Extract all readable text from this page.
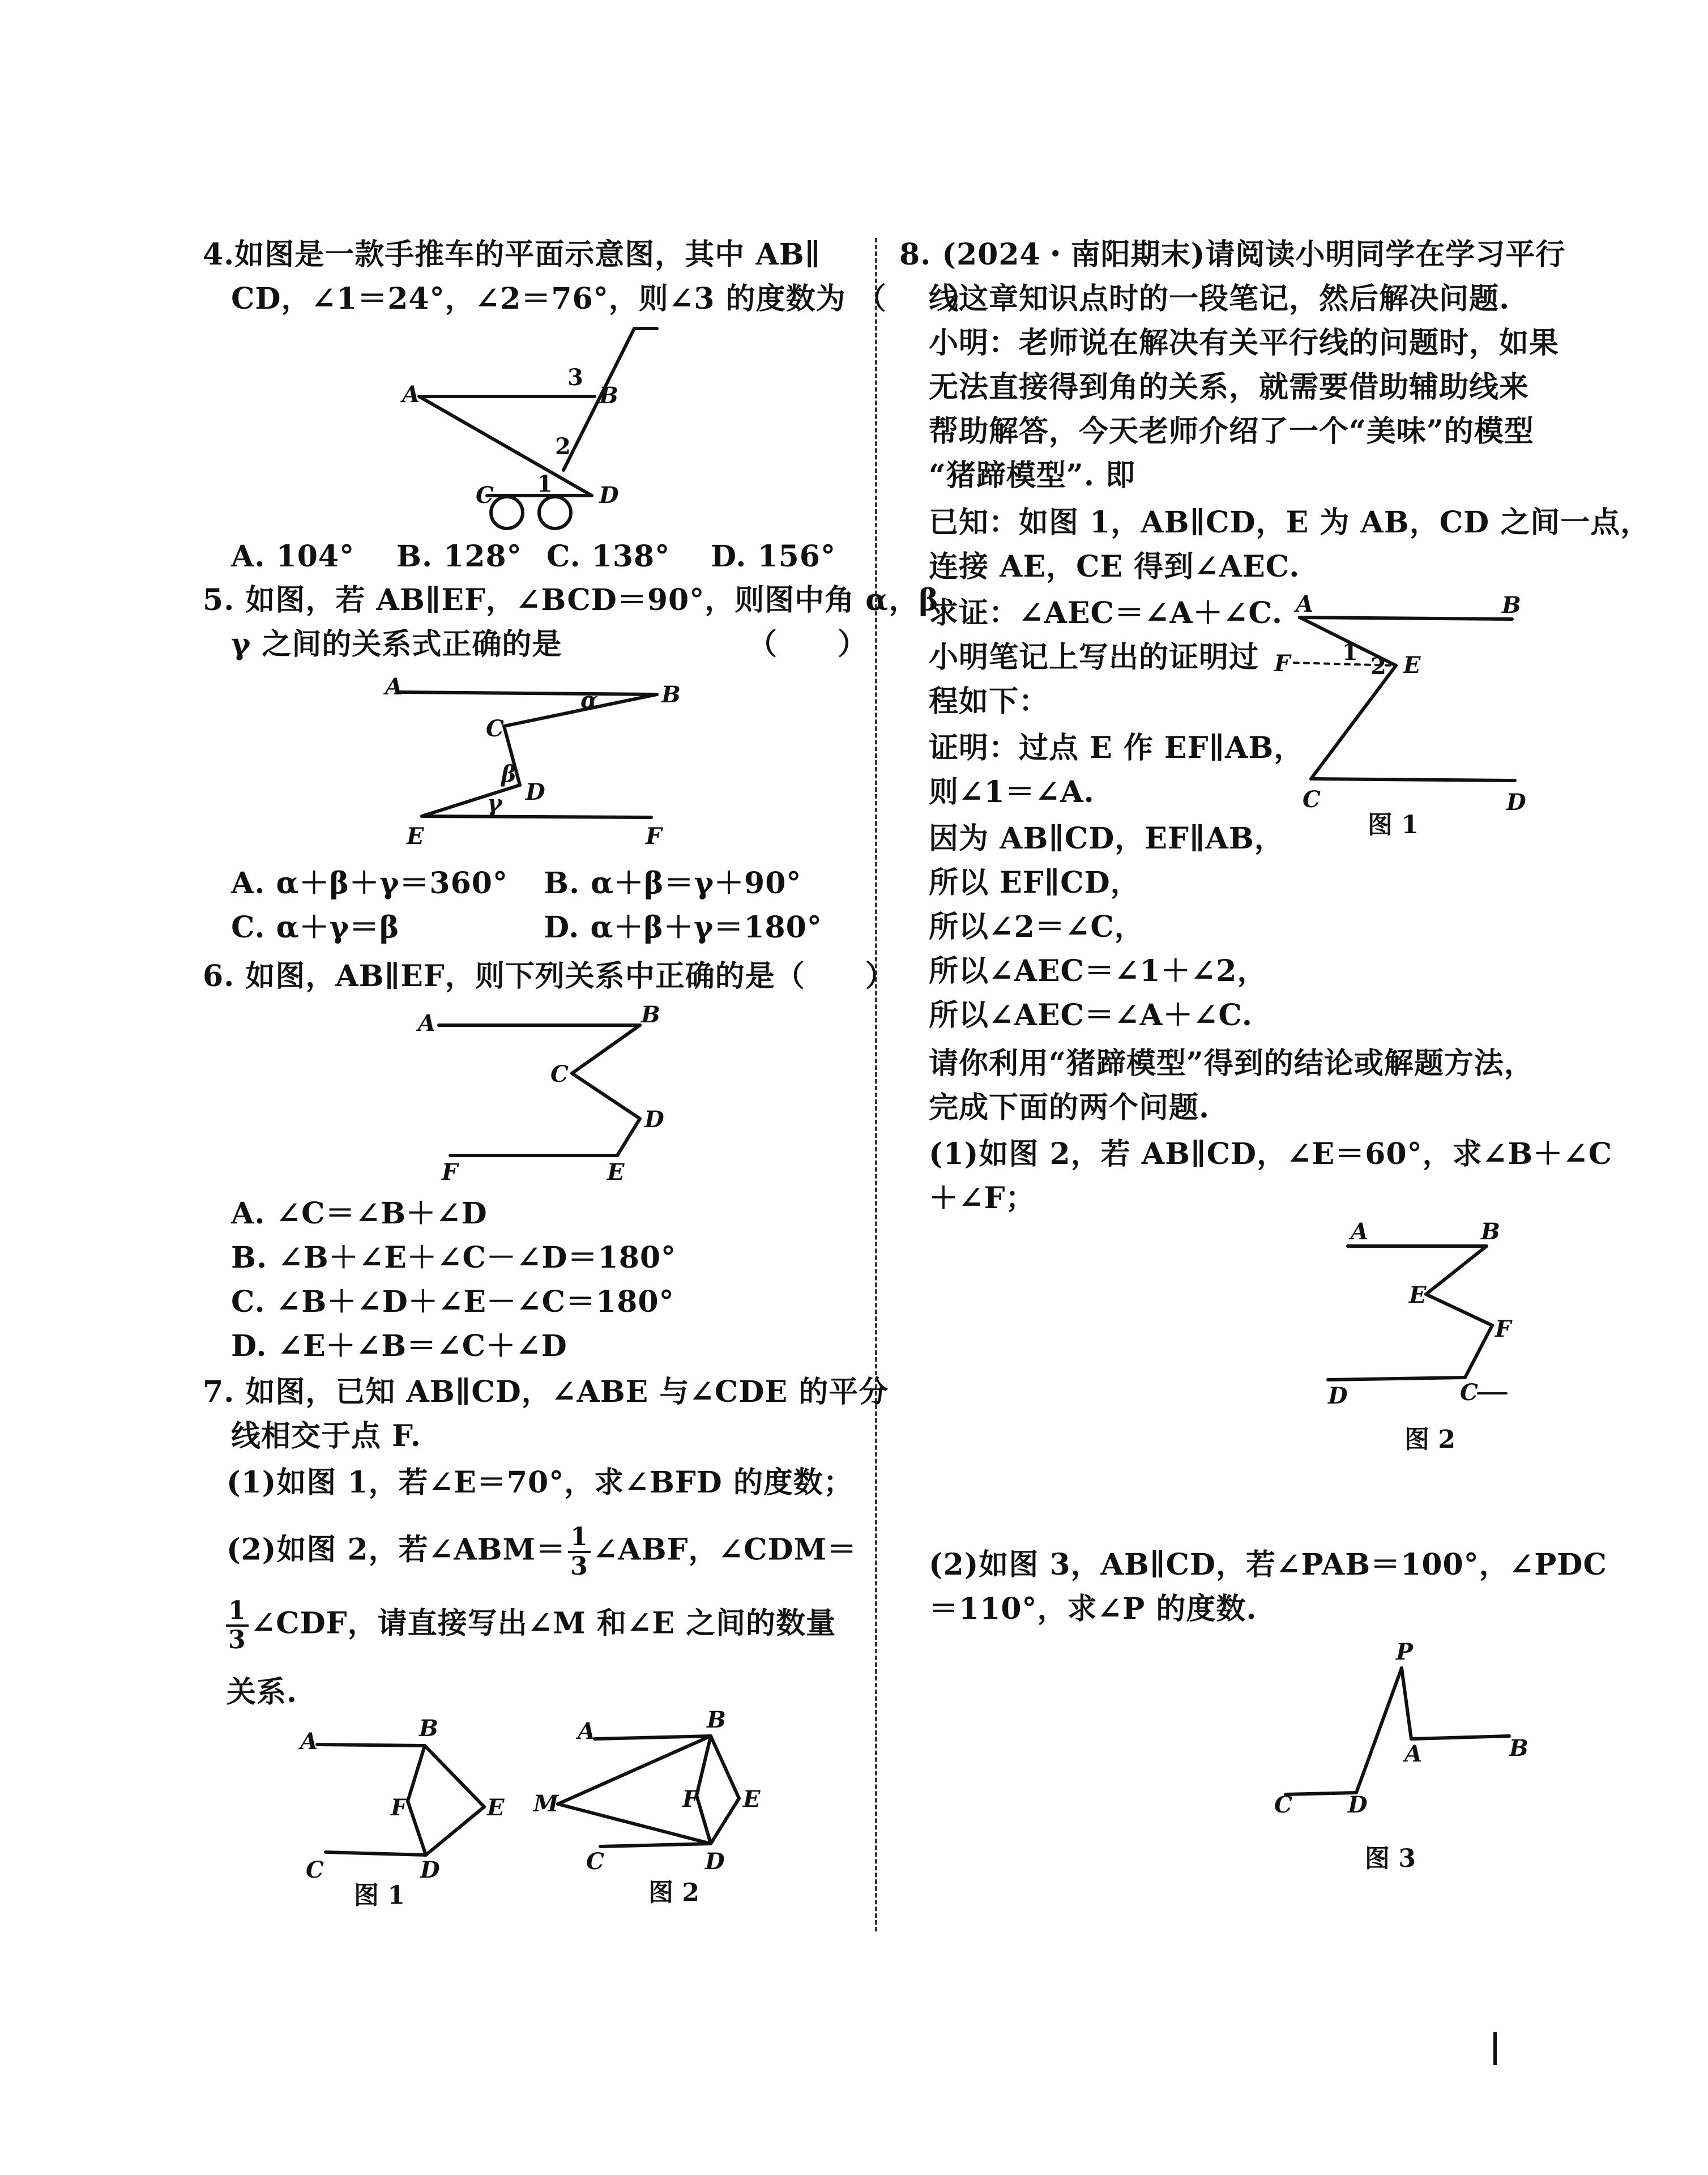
4.如图是一款手推车的平面示意图，其中 AB∥
CD，∠1＝24°，∠2＝76°，则∠3 的度数为 （　　）
A	B
C	D
1
2
3
A. 104° B. 128° C. 138° D. 156°
5. 如图，若 AB∥EF，∠BCD＝90°，则图中角 α，β，
γ 之间的关系式正确的是	（　　）
A	B
C
D
E	F
α
β
γ
A. α＋β＋γ＝360° B. α＋β＝γ＋90°
C. α＋γ＝β	D. α＋β＋γ＝180°
6. 如图，AB∥EF，则下列关系中正确的是（　　）
A	B
C
D
E
F
A. ∠C＝∠B＋∠D
B. ∠B＋∠E＋∠C－∠D＝180°
C. ∠B＋∠D＋∠E－∠C＝180°
D. ∠E＋∠B＝∠C＋∠D
7. 如图，已知 AB∥CD，∠ABE 与∠CDE 的平分
线相交于点 F.
(1)如图 1，若∠E＝70°，求∠BFD 的度数；
(2)如图 2，若∠ABM＝ $\frac{1}{3}$ ∠ABF，∠CDM＝
$\frac{1}{3}$ ∠CDF，请直接写出∠M 和∠E 之间的数量
关系.
A	B
C	D
E
F
图 1
A	B
C	D
E
F
M
图 2
8. (2024・南阳期末)请阅读小明同学在学习平行
线这章知识点时的一段笔记，然后解决问题.
小明：老师说在解决有关平行线的问题时，如果
无法直接得到角的关系，就需要借助辅助线来
帮助解答，今天老师介绍了一个“美味”的模型
“猪蹄模型”. 即
已知：如图 1，AB∥CD，E 为 AB，CD 之间一点，
连接 AE，CE 得到∠AEC.
求证：∠AEC＝∠A＋∠C.
小明笔记上写出的证明过
程如下：
证明：过点 E 作 EF∥AB，
则∠1＝∠A.
因为 AB∥CD，EF∥AB，
所以 EF∥CD，
所以∠2＝∠C，
所以∠AEC＝∠1＋∠2，
所以∠AEC＝∠A＋∠C.
A	B
C	D
E
F 1
2
图 1
请你利用“猪蹄模型”得到的结论或解题方法，
完成下面的两个问题.
(1)如图 2，若 AB∥CD，∠E＝60°，求∠B＋∠C
＋∠F；
A	B
C
D
E
F
图 2
(2)如图 3，AB∥CD，若∠PAB＝100°，∠PDC
＝110°，求∠P 的度数.
P
A	B
C D
图 3
